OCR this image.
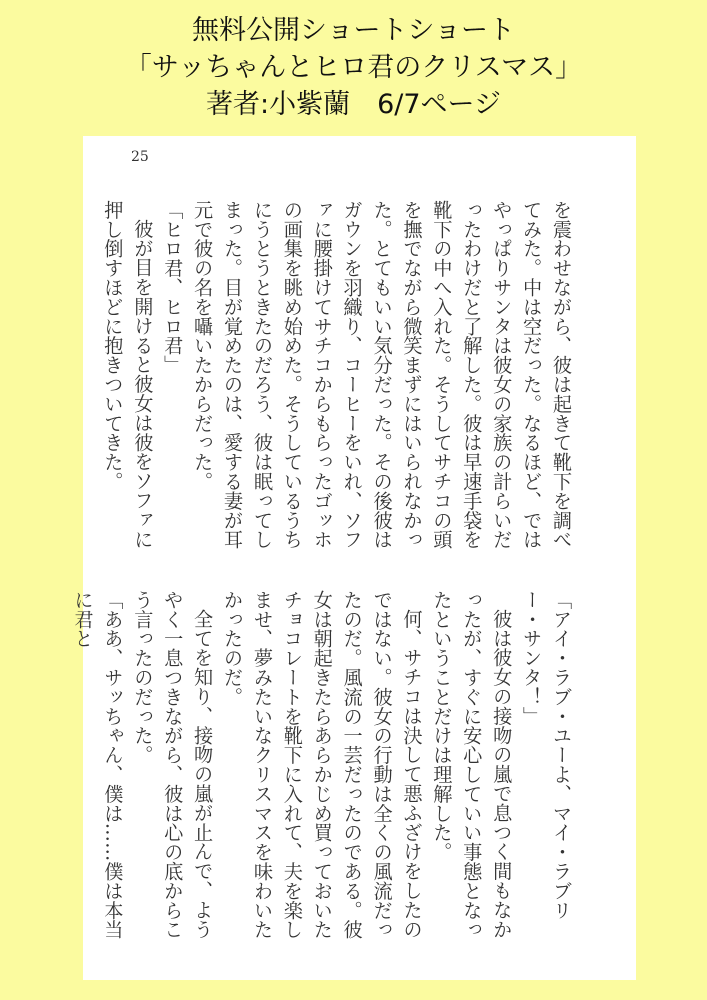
無料公開ショートショート
「サッちゃんとヒロ君のクリスマス」
著者:小紫蘭　6/7ページ
25

を震わせながら、彼は起きて靴下を調べてみた。中は空だった。なるほど、ではやっぱりサンタは彼女の家族の計らいだったわけだと了解した。彼は早速手袋を靴下の中へ入れた。そうしてサチコの頭を撫でながら微笑まずにはいられなかった。とてもいい気分だった。その後彼はガウンを羽織り、コーヒーをいれ、ソファに腰掛けてサチコからもらったゴッホの画集を眺め始めた。そうしているうちにうとうときたのだろう、彼は眠ってしまった。目が覚めたのは、愛する妻が耳元で彼の名を囁いたからだった。

「ヒロ君、ヒロ君」

彼が目を開けると彼女は彼をソファに押し倒すほどに抱きついてきた。

「アイ・ラブ・ユーよ、マイ・ラブリー・サンタ！」

彼は彼女の接吻の嵐で息つく間もなかったが、すぐに安心していい事態となったということだけは理解した。

何、サチコは決して悪ふざけをしたのではない。彼女の行動は全くの風流だったのだ。風流の一芸だったのである。彼女は朝起きたらあらかじめ買っておいたチョコレートを靴下に入れて、夫を楽しませ、夢みたいなクリスマスを味わいたかったのだ。

全てを知り、接吻の嵐が止んで、ようやく一息つきながら、彼は心の底からこう言ったのだった。

「ああ、サッちゃん、僕は……僕は本当に君と
